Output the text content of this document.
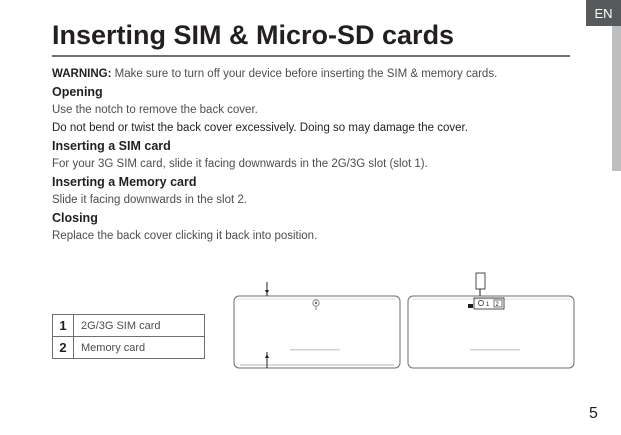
EN
Inserting SIM & Micro-SD cards
WARNING: Make sure to turn off your device before inserting the SIM & memory cards.
Opening
Use the notch to remove the back cover.
Do not bend or twist the back cover excessively. Doing so may damage the cover.
Inserting a SIM card
For your 3G SIM card, slide it facing downwards in the 2G/3G slot (slot 1).
Inserting a Memory card
Slide it facing downwards in the slot 2.
Closing
Replace the back cover clicking it back into position.
1	2G/3G SIM card
2	Memory card
1 2
5
